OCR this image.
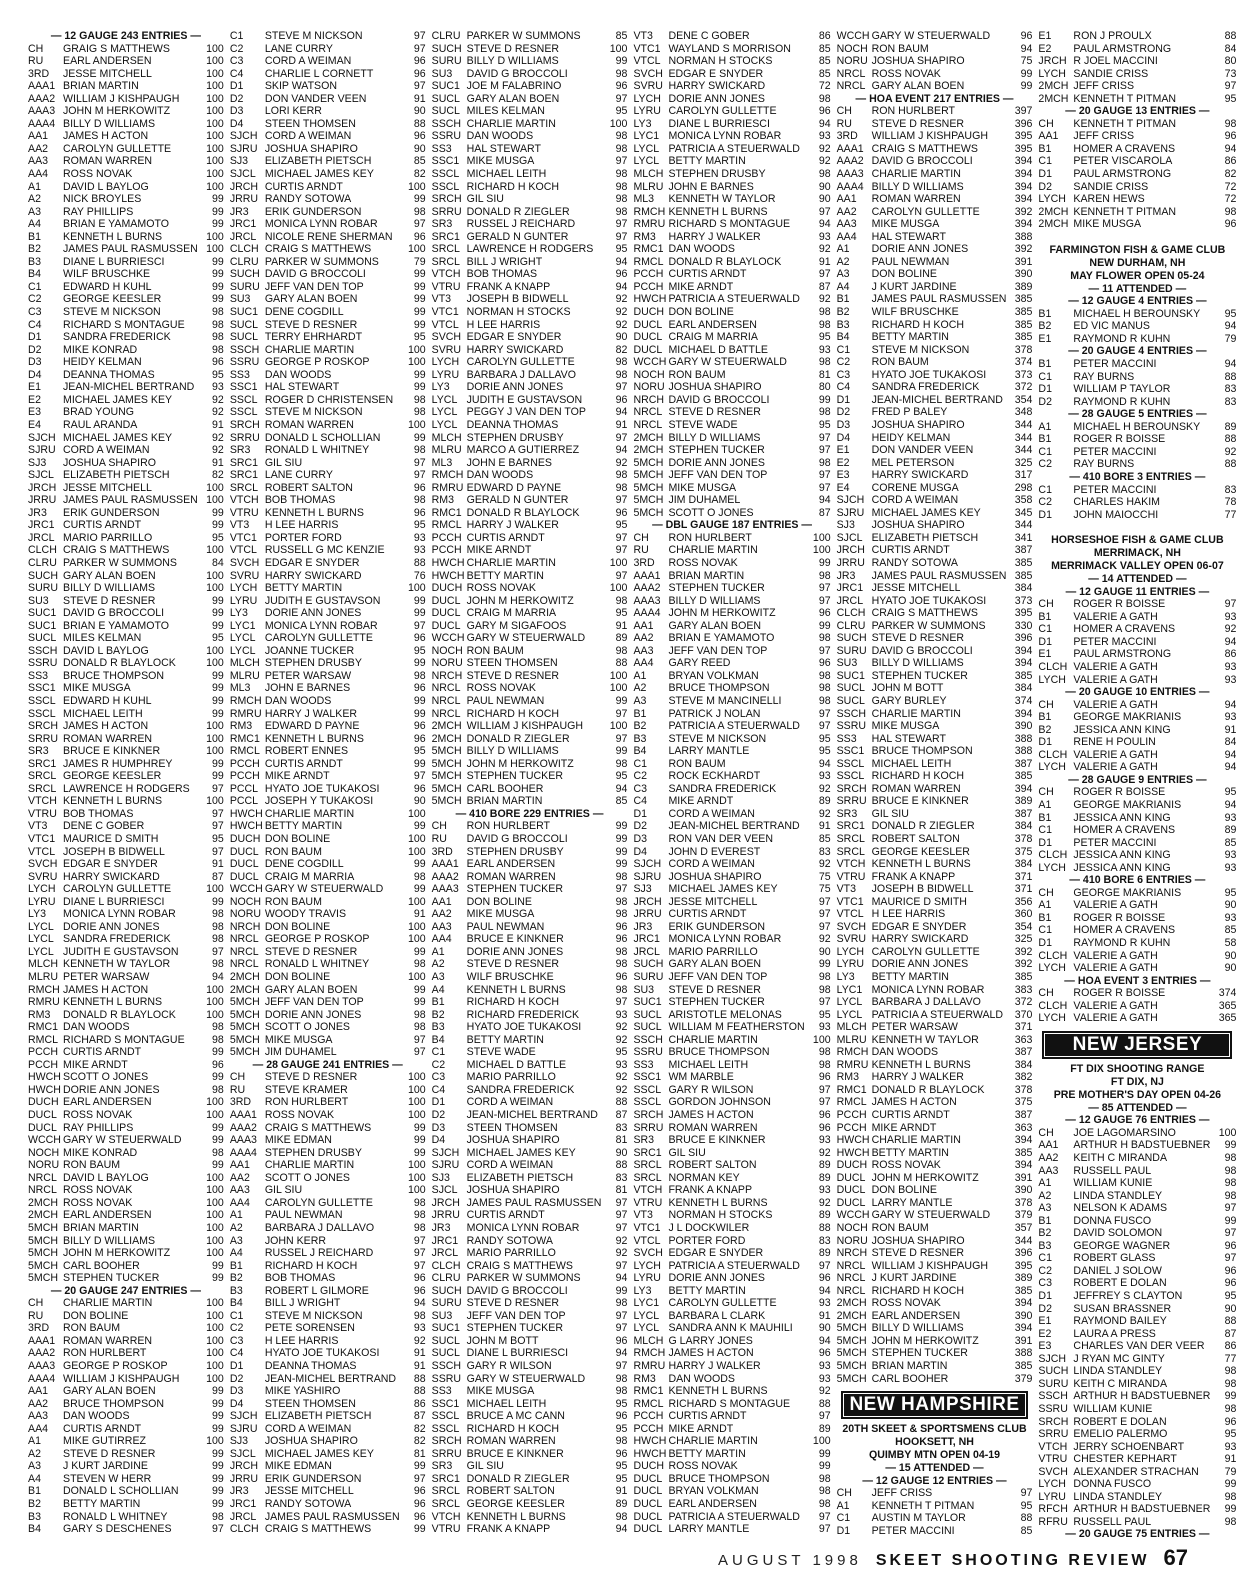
— 12 GAUGE 243 ENTRIES —
CH	GRAIG S MATTHEWS	100
RU	EARL ANDERSEN	100
3RD	JESSE MITCHELL	100
AAA1 BRIAN MARTIN	100
AAA2 WILLIAM J KISHPAUGH	100
AAA3 JOHN M HERKOWITZ	100
AAA4 BILLY D WILLIAMS	100
AA1	JAMES H ACTON	100
AA2	CAROLYN GULLETTE	100
AA3	ROMAN WARREN	100
AA4	ROSS NOVAK	100
A1	DAVID L BAYLOG	100
A2	NICK BROYLES	99
A3	RAY PHILLIPS	99
A4	BRIAN E YAMAMOTO	99
B1	KENNETH L BURNS	100
B2	JAMES PAUL RASMUSSEN 100
B3	DIANE L BURRIESCI	99
B4	WILF BRUSCHKE	99
C1	EDWARD H KUHL	99
C2	GEORGE KEESLER	99
C3	STEVE M NICKSON	98
C4	RICHARD S MONTAGUE	98
D1	SANDRA FREDERICK	98
D2	MIKE KONRAD	98
D3	HEIDY KELMAN	96
D4	DEANNA THOMAS	95
E1	JEAN-MICHEL BERTRAND	93
E2	MICHAEL JAMES KEY	92
E3	BRAD YOUNG	92
E4	RAUL ARANDA	91
SJCH MICHAEL JAMES KEY	92
SJRU CORD A WEIMAN	92
SJ3	JOSHUA SHAPIRO	91
SJCL ELIZABETH PIETSCH	82
JRCH JESSE MITCHELL	100
JRRU JAMES PAUL RASMUSSEN 100
JR3	ERIK GUNDERSON	99
JRC1 CURTIS ARNDT	99
JRCL MARIO PARRILLO	95
CLCH CRAIG S MATTHEWS	100
CLRU PARKER W SUMMONS	84
SUCH GARY ALAN BOEN	100
SURU BILLY D WILLIAMS	100
SU3	STEVE D RESNER	99
SUC1 DAVID G BROCCOLI	99
SUC1 BRIAN E YAMAMOTO	99
SUCL MILES KELMAN	95
SSCH DAVID L BAYLOG	100
SSRU DONALD R BLAYLOCK	100
SS3	BRUCE THOMPSON	99
SSC1 MIKE MUSGA	99
SSCL EDWARD H KUHL	99
SSCL MICHAEL LEITH	99
SRCH JAMES H ACTON	100
SRRU ROMAN WARREN	100
SR3	BRUCE E KINKNER	100
SRC1 JAMES R HUMPHREY	99
SRCL GEORGE KEESLER	99
SRCL LAWRENCE H RODGERS	97
VTCH KENNETH L BURNS	100
VTRU BOB THOMAS	97
VT3	DENE C GOBER	97
VTC1 MAURICE D SMITH	95
VTCL JOSEPH B BIDWELL	97
SVCH EDGAR E SNYDER	91
SVRU HARRY SWICKARD	87
LYCH CAROLYN GULLETTE	100
LYRU DIANE L BURRIESCI	99
LY3	MONICA LYNN ROBAR	98
LYCL DORIE ANN JONES	98
LYCL SANDRA FREDERICK	98
LYCL JUDITH E GUSTAVSON	97
MLCH KENNETH W TAYLOR	98
MLRU PETER WARSAW	94
RMCH JAMES H ACTON	100
RMRU KENNETH L BURNS	100
RM3	DONALD R BLAYLOCK	100
RMC1 DAN WOODS	98
RMCL RICHARD S MONTAGUE	98
PCCH CURTIS ARNDT	99
PCCH MIKE ARNDT	96
HWCH SCOTT O JONES	99
HWCH DORIE ANN JONES	98
DUCH EARL ANDERSEN	100
DUCL ROSS NOVAK	100
DUCL RAY PHILLIPS	99
WCCH GARY W STEUERWALD	99
NOCH MIKE KONRAD	98
NORU RON BAUM	99
NRCL DAVID L BAYLOG	100
NRCL ROSS NOVAK	100
2MCH ROSS NOVAK	100
2MCH EARL ANDERSEN	100
5MCH BRIAN MARTIN	100
5MCH BILLY D WILLIAMS	100
5MCH JOHN M HERKOWITZ	100
5MCH CARL BOOHER	99
5MCH STEPHEN TUCKER	99
— 20 GAUGE 247 ENTRIES —
CH	CHARLIE MARTIN	100
RU	DON BOLINE	100
3RD	RON BAUM	100
AAA1 ROMAN WARREN	100
AAA2 RON HURLBERT	100
AAA3 GEORGE P ROSKOP	100
AAA4 WILLIAM J KISHPAUGH	100
AA1	GARY ALAN BOEN	99
AA2	BRUCE THOMPSON	99
AA3	DAN WOODS	99
AA4	CURTIS ARNDT	99
A1	MIKE GUTIRREZ	100
A2	STEVE D RESNER	99
A3	J KURT JARDINE	99
A4	STEVEN W HERR	99
B1	DONALD L SCHOLLIAN	99
B2	BETTY MARTIN	99
B3	RONALD L WHITNEY	98
B4	GARY S DESCHENES	97
C1	STEVE M NICKSON	97
C2	LANE CURRY	97
C3	CORD A WEIMAN	96
C4	CHARLIE L CORNETT	96
D1	SKIP WATSON	97
D2	DON VANDER VEEN	91
D3	LORI KERR	90
D4	STEEN THOMSEN	88
SJCH CORD A WEIMAN	96
SJRU JOSHUA SHAPIRO	90
SJ3	ELIZABETH PIETSCH	85
SJCL MICHAEL JAMES KEY	82
JRCH CURTIS ARNDT	100
JRRU RANDY SOTOWA	99
JR3	ERIK GUNDERSON	98
JRC1 MONICA LYNN ROBAR	97
JRCL NICOLE RENE SHERMAN	96
CLCH CRAIG S MATTHEWS	100
CLRU PARKER W SUMMONS	79
SUCH DAVID G BROCCOLI	99
SURU JEFF VAN DEN TOP	99
SU3	GARY ALAN BOEN	99
SUC1 DENE COGDILL	99
SUCL STEVE D RESNER	99
SUCL TERRY EHRHARDT	95
SSCH CHARLIE MARTIN	100
SSRU GEORGE P ROSKOP	100
SS3	DAN WOODS	99
SSC1 HAL STEWART	99
SSCL ROGER D CHRISTENSEN	98
SSCL STEVE M NICKSON	98
SRCH ROMAN WARREN	100
SRRU DONALD L SCHOLLIAN	99
SR3	RONALD L WHITNEY	98
SRC1 GIL SIU	97
SRC1 LANE CURRY	97
SRCL ROBERT SALTON	96
VTCH BOB THOMAS	98
VTRU KENNETH L BURNS	96
VT3	H LEE HARRIS	95
VTC1 PORTER FORD	93
VTCL RUSSELL G MC KENZIE	93
SVCH EDGAR E SNYDER	88
SVRU HARRY SWICKARD	76
LYCH BETTY MARTIN	100
LYRU JUDITH E GUSTAVSON	99
LY3	DORIE ANN JONES	99
LYC1 MONICA LYNN ROBAR	97
LYCL CAROLYN GULLETTE	96
LYCL JOANNE TUCKER	95
MLCH STEPHEN DRUSBY	99
MLRU PETER WARSAW	98
ML3	JOHN E BARNES	96
RMCH DAN WOODS	99
RMRU HARRY J WALKER	99
RM3	EDWARD D PAYNE	96
RMC1 KENNETH L BURNS	96
RMCL ROBERT ENNES	95
PCCH CURTIS ARNDT	99
PCCH MIKE ARNDT	97
PCCL HYATO JOE TUKAKOSI	96
PCCL JOSEPH Y TUKAKOSI	90
HWCH CHARLIE MARTIN	100
HWCH BETTY MARTIN	99
DUCH DON BOLINE	100
DUCL RON BAUM	100
DUCL DENE COGDILL	99
DUCL CRAIG M MARRIA	98
WCCH GARY W STEUERWALD	99
NOCH RON BAUM	100
NORU WOODY TRAVIS	91
NRCH DON BOLINE	100
NRCL GEORGE P ROSKOP	100
NRCL STEVE D RESNER	99
NRCL RONALD L WHITNEY	98
2MCH DON BOLINE	100
2MCH GARY ALAN BOEN	99
5MCH JEFF VAN DEN TOP	99
5MCH DORIE ANN JONES	98
5MCH SCOTT O JONES	98
5MCH MIKE MUSGA	97
5MCH JIM DUHAMEL	97
— 28 GAUGE 241 ENTRIES —
CH	STEVE D RESNER	100
RU	STEVE KRAMER	100
3RD	RON HURLBERT	100
AAA1 ROSS NOVAK	100
AAA2 CRAIG S MATTHEWS	99
AAA3 MIKE EDMAN	99
AAA4 STEPHEN DRUSBY	99
AA1	CHARLIE MARTIN	100
AA2	SCOTT O JONES	100
AA3	GIL SIU	100
AA4	CAROLYN GULLETTE	98
A1	PAUL NEWMAN	98
A2	BARBARA J DALLAVO	98
A3	JOHN KERR	97
A4	RUSSEL J REICHARD	97
B1	RICHARD H KOCH	97
B2	BOB THOMAS	96
B3	ROBERT L GILMORE	96
B4	BILL J WRIGHT	94
C1	STEVE M NICKSON	98
C2	PETE SORENSEN	93
C3	H LEE HARRIS	92
C4	HYATO JOE TUKAKOSI	91
D1	DEANNA THOMAS	91
D2	JEAN-MICHEL BERTRAND	88
D3	MIKE YASHIRO	88
D4	STEEN THOMSEN	86
SJCH ELIZABETH PIETSCH	87
SJRU CORD A WEIMAN	82
SJ3	JOSHUA SHAPIRO	82
SJCL MICHAEL JAMES KEY	81
JRCH MIKE EDMAN	99
JRRU ERIK GUNDERSON	97
JR3	JESSE MITCHELL	96
JRC1 RANDY SOTOWA	96
JRCL JAMES PAUL RASMUSSEN	96
CLCH CRAIG S MATTHEWS	99
CLRU PARKER W SUMMONS	85
SUCH STEVE D RESNER	100
SURU BILLY D WILLIAMS	99
SU3	DAVID G BROCCOLI	98
SUC1 JOE M FALABRINO	96
SUCL GARY ALAN BOEN	97
SUCL MILES KELMAN	95
SSCH CHARLIE MARTIN	100
SSRU DAN WOODS	98
SS3	HAL STEWART	98
SSC1 MIKE MUSGA	97
SSCL MICHAEL LEITH	98
SSCL RICHARD H KOCH	98
SRCH GIL SIU	98
SRRU DONALD R ZIEGLER	98
SR3	RUSSEL J REICHARD	97
SRC1 GERALD N GUNTER	97
SRCL LAWRENCE H RODGERS	95
SRCL BILL J WRIGHT	94
VTCH BOB THOMAS	96
VTRU FRANK A KNAPP	94
VT3	JOSEPH B BIDWELL	92
VTC1 NORMAN H STOCKS	92
VTCL H LEE HARRIS	92
SVCH EDGAR E SNYDER	90
SVRU HARRY SWICKARD	82
LYCH CAROLYN GULLETTE	98
LYRU BARBARA J DALLAVO	98
LY3	DORIE ANN JONES	97
LYCL JUDITH E GUSTAVSON	96
LYCL PEGGY J VAN DEN TOP	94
LYCL DEANNA THOMAS	91
MLCH STEPHEN DRUSBY	97
MLRU MARCO A GUTIERREZ	94
ML3	JOHN E BARNES	92
RMCH DAN WOODS	98
RMRU EDWARD D PAYNE	98
RM3	GERALD N GUNTER	97
RMC1 DONALD R BLAYLOCK	96
RMCL HARRY J WALKER	95
PCCH CURTIS ARNDT	97
PCCH MIKE ARNDT	97
HWCH CHARLIE MARTIN	100
HWCH BETTY MARTIN	97
DUCH ROSS NOVAK	100
DUCL JOHN M HERKOWITZ	98
DUCL CRAIG M MARRIA	95
DUCL GARY M SIGAFOOS	91
WCCH GARY W STEUERWALD	89
NOCH RON BAUM	98
NORU STEEN THOMSEN	88
NRCH STEVE D RESNER	100
NRCL ROSS NOVAK	100
NRCL PAUL NEWMAN	99
NRCL RICHARD H KOCH	97
2MCH WILLIAM J KISHPAUGH	100
2MCH DONALD R ZIEGLER	97
5MCH BILLY D WILLIAMS	99
5MCH JOHN M HERKOWITZ	98
5MCH STEPHEN TUCKER	95
5MCH CARL BOOHER	94
5MCH BRIAN MARTIN	85
— 410 BORE 229 ENTRIES —
CH	RON HURLBERT	99
RU	DAVID G BROCCOLI	99
3RD	STEPHEN DRUSBY	99
AAA1 EARL ANDERSEN	99
AAA2 ROMAN WARREN	98
AAA3 STEPHEN TUCKER	97
AA1	DON BOLINE	98
AA2	MIKE MUSGA	98
AA3	PAUL NEWMAN	96
AA4	BRUCE E KINKNER	96
A1	DORIE ANN JONES	98
A2	STEVE D RESNER	98
A3	WILF BRUSCHKE	96
A4	KENNETH L BURNS	98
B1	RICHARD H KOCH	97
B2	RICHARD FREDERICK	93
B3	HYATO JOE TUKAKOSI	92
B4	BETTY MARTIN	92
C1	STEVE WADE	95
C2	MICHAEL D BATTLE	93
C3	MARIO PARRILLO	92
C4	SANDRA FREDERICK	92
D1	CORD A WEIMAN	88
D2	JEAN-MICHEL BERTRAND	87
D3	STEEN THOMSEN	83
D4	JOSHUA SHAPIRO	81
SJCH MICHAEL JAMES KEY	90
SJRU CORD A WEIMAN	88
SJ3	ELIZABETH PIETSCH	83
SJCL JOSHUA SHAPIRO	81
JRCH JAMES PAUL RASMUSSEN	97
JRRU CURTIS ARNDT	97
JR3	MONICA LYNN ROBAR	97
JRC1 RANDY SOTOWA	92
JRCL MARIO PARRILLO	92
CLCH CRAIG S MATTHEWS	97
CLRU PARKER W SUMMONS	94
SUCH DAVID G BROCCOLI	99
SURU STEVE D RESNER	98
SU3	JEFF VAN DEN TOP	97
SUC1 STEPHEN TUCKER	97
SUCL JOHN M BOTT	96
SUCL DIANE L BURRIESCI	94
SSCH GARY R WILSON	97
SSRU GARY W STEUERWALD	98
SS3	MIKE MUSGA	98
SSC1 MICHAEL LEITH	95
SSCL BRUCE A MC CANN	96
SSCL RICHARD H KOCH	95
SRCH ROMAN WARREN	98
SRRU BRUCE E KINKNER	96
SR3	GIL SIU	95
SRC1 DONALD R ZIEGLER	95
SRCL ROBERT SALTON	91
SRCL GEORGE KEESLER	89
VTCH KENNETH L BURNS	98
VTRU FRANK A KNAPP	94
VT3	DENE C GOBER	86
VTC1 WAYLAND S MORRISON	85
VTCL NORMAN H STOCKS	85
SVCH EDGAR E SNYDER	85
SVRU HARRY SWICKARD	72
LYCH DORIE ANN JONES	98
LYRU CAROLYN GULLETTE	96
LY3	DIANE L BURRIESCI	94
LYC1 MONICA LYNN ROBAR	93
LYCL PATRICIA A STEUERWALD	92
LYCL BETTY MARTIN	92
MLCH STEPHEN DRUSBY	98
MLRU JOHN E BARNES	90
ML3	KENNETH W TAYLOR	90
RMCH KENNETH L BURNS	97
RMRU RICHARD S MONTAGUE	94
RM3	HARRY J WALKER	93
RMC1 DAN WOODS	92
RMCL DONALD R BLAYLOCK	91
PCCH CURTIS ARNDT	97
PCCH MIKE ARNDT	87
HWCH PATRICIA A STEUERWALD	92
DUCH DON BOLINE	98
DUCL EARL ANDERSEN	98
DUCL CRAIG M MARRIA	95
DUCL MICHAEL D BATTLE	93
WCCH GARY W STEUERWALD	98
NOCH RON BAUM	81
NORU JOSHUA SHAPIRO	80
NRCH DAVID G BROCCOLI	99
NRCL STEVE D RESNER	98
NRCL STEVE WADE	95
2MCH BILLY D WILLIAMS	97
2MCH STEPHEN TUCKER	97
5MCH DORIE ANN JONES	98
5MCH JEFF VAN DEN TOP	97
5MCH MIKE MUSGA	97
5MCH JIM DUHAMEL	94
5MCH SCOTT O JONES	87
— DBL GAUGE 187 ENTRIES —
CH	RON HURLBERT	100
RU	CHARLIE MARTIN	100
3RD	ROSS NOVAK	99
AAA1 BRIAN MARTIN	98
AAA2 STEPHEN TUCKER	97
AAA3 BILLY D WILLIAMS	97
AAA4 JOHN M HERKOWITZ	96
AA1	GARY ALAN BOEN	99
AA2	BRIAN E YAMAMOTO	98
AA3	JEFF VAN DEN TOP	97
AA4	GARY REED	96
A1	BRYAN VOLKMAN	98
A2	BRUCE THOMPSON	98
A3	STEVE M MANCINELLI	98
B1	PATRICK J NOLAN	97
B2	PATRICIA A STEUERWALD	97
B3	STEVE M NICKSON	95
B4	LARRY MANTLE	95
C1	RON BAUM	94
C2	ROCK ECKHARDT	93
C3	SANDRA FREDERICK	92
C4	MIKE ARNDT	89
D1	CORD A WEIMAN	92
D2	JEAN-MICHEL BERTRAND	91
D3	RON VAN DER VEEN	85
D4	JOHN D EVEREST	83
SJCH CORD A WEIMAN	92
SJRU JOSHUA SHAPIRO	75
SJ3	MICHAEL JAMES KEY	75
JRCH JESSE MITCHELL	97
JRRU CURTIS ARNDT	97
JR3	ERIK GUNDERSON	97
JRC1 MONICA LYNN ROBAR	92
JRCL MARIO PARRILLO	90
SUCH GARY ALAN BOEN	99
SURU JEFF VAN DEN TOP	98
SU3	STEVE D RESNER	98
SUC1 STEPHEN TUCKER	97
SUCL ARISTOTLE MELONAS	95
SUCL WILLIAM M FEATHERSTON	93
SSCH CHARLIE MARTIN	100
SSRU BRUCE THOMPSON	98
SS3	MICHAEL LEITH	98
SSC1 WM MARBLE	96
SSCL GARY R WILSON	97
SSCL GORDON JOHNSON	97
SRCH JAMES H ACTON	96
SRRU ROMAN WARREN	96
SR3	BRUCE E KINKNER	93
SRC1 GIL SIU	92
SRCL ROBERT SALTON	89
SRCL NORMAN KEY	89
VTCH FRANK A KNAPP	93
VTRU KENNETH L BURNS	92
VT3	NORMAN H STOCKS	89
VTC1 J L DOCKWILER	88
VTCL PORTER FORD	83
SVCH EDGAR E SNYDER	89
LYCH PATRICIA A STEUERWALD	97
LYRU DORIE ANN JONES	96
LY3	BETTY MARTIN	94
LYC1 CAROLYN GULLETTE	93
LYCL BARBARA L CLARK	91
LYCL SANDRA ANN K MAUHILI	90
MLCH G LARRY JONES	94
RMCH JAMES H ACTON	96
RMRU HARRY J WALKER	93
RM3	DAN WOODS	93
RMC1 KENNETH L BURNS	92
RMCL RICHARD S MONTAGUE	88
PCCH CURTIS ARNDT	97
PCCH MIKE ARNDT	89
HWCH CHARLIE MARTIN	100
HWCH BETTY MARTIN	99
DUCH ROSS NOVAK	99
DUCL BRUCE THOMPSON	98
DUCL BRYAN VOLKMAN	98
DUCL EARL ANDERSEN	98
DUCL PATRICIA A STEUERWALD	97
DUCL LARRY MANTLE	97
WCCH GARY W STEUERWALD	96
NOCH RON BAUM	94
NORU JOSHUA SHAPIRO	75
NRCL ROSS NOVAK	99
NRCL GARY ALAN BOEN	99
— HOA EVENT 217 ENTRIES —
CH	RON HURLBERT	397
RU	STEVE D RESNER	396
3RD	WILLIAM J KISHPAUGH	395
AAA1 CRAIG S MATTHEWS	395
AAA2 DAVID G BROCCOLI	394
AAA3 CHARLIE MARTIN	394
AAA4 BILLY D WILLIAMS	394
AA1	ROMAN WARREN	394
AA2	CAROLYN GULLETTE	392
AA3	MIKE MUSGA	394
AA4	HAL STEWART	388
A1	DORIE ANN JONES	392
A2	PAUL NEWMAN	391
A3	DON BOLINE	390
A4	J KURT JARDINE	389
B1	JAMES PAUL RASMUSSEN 385
B2	WILF BRUSCHKE	385
B3	RICHARD H KOCH	385
B4	BETTY MARTIN	385
C1	STEVE M NICKSON	378
C2	RON BAUM	374
C3	HYATO JOE TUKAKOSI	373
C4	SANDRA FREDERICK	372
D1	JEAN-MICHEL BERTRAND	354
D2	FRED P BALEY	348
D3	JOSHUA SHAPIRO	344
D4	HEIDY KELMAN	344
E1	DON VANDER VEEN	344
E2	MEL PETERSON	325
E3	HARRY SWICKARD	317
E4	CORENE MUSGA	298
SJCH CORD A WEIMAN	358
SJRU MICHAEL JAMES KEY	345
SJ3	JOSHUA SHAPIRO	344
SJCL ELIZABETH PIETSCH	341
JRCH CURTIS ARNDT	387
JRRU RANDY SOTOWA	385
JR3	JAMES PAUL RASMUSSEN 385
JRC1 JESSE MITCHELL	384
JRCL HYATO JOE TUKAKOSI	373
CLCH CRAIG S MATTHEWS	395
CLRU PARKER W SUMMONS	330
SUCH STEVE D RESNER	396
SURU DAVID G BROCCOLI	394
SU3	BILLY D WILLIAMS	394
SUC1 STEPHEN TUCKER	385
SUCL JOHN M BOTT	384
SUCL GARY BURLEY	374
SSCH CHARLIE MARTIN	394
SSRU MIKE MUSGA	390
SS3	HAL STEWART	388
SSC1 BRUCE THOMPSON	388
SSCL MICHAEL LEITH	387
SSCL RICHARD H KOCH	385
SRCH ROMAN WARREN	394
SRRU BRUCE E KINKNER	389
SR3	GIL SIU	387
SRC1 DONALD R ZIEGLER	384
SRCL ROBERT SALTON	378
SRCL GEORGE KEESLER	375
VTCH KENNETH L BURNS	384
VTRU FRANK A KNAPP	371
VT3	JOSEPH B BIDWELL	371
VTC1 MAURICE D SMITH	356
VTCL H LEE HARRIS	360
SVCH EDGAR E SNYDER	354
SVRU HARRY SWICKARD	325
LYCH CAROLYN GULLETTE	392
LYRU DORIE ANN JONES	392
LY3	BETTY MARTIN	385
LYC1 MONICA LYNN ROBAR	383
LYCL BARBARA J DALLAVO	372
LYCL PATRICIA A STEUERWALD	370
MLCH PETER WARSAW	371
MLRU KENNETH W TAYLOR	363
RMCH DAN WOODS	387
RMRU KENNETH L BURNS	384
RM3	HARRY J WALKER	382
RMC1 DONALD R BLAYLOCK	378
RMCL JAMES H ACTON	375
PCCH CURTIS ARNDT	387
PCCH MIKE ARNDT	363
HWCH CHARLIE MARTIN	394
HWCH BETTY MARTIN	385
DUCH ROSS NOVAK	394
DUCL JOHN M HERKOWITZ	391
DUCL DON BOLINE	390
DUCL LARRY MANTLE	378
WCCH GARY W STEUERWALD	379
NOCH RON BAUM	357
NORU JOSHUA SHAPIRO	344
NRCH STEVE D RESNER	396
NRCL WILLIAM J KISHPAUGH	395
NRCL J KURT JARDINE	389
NRCL RICHARD H KOCH	385
2MCH ROSS NOVAK	394
2MCH EARL ANDERSEN	390
5MCH BILLY D WILLIAMS	394
5MCH JOHN M HERKOWITZ	391
5MCH STEPHEN TUCKER	388
5MCH BRIAN MARTIN	385
5MCH CARL BOOHER	379
NEW HAMPSHIRE
20TH SKEET & SPORTSMENS CLUB
HOOKSETT, NH
QUIMBY MTN OPEN 04-19
— 15 ATTENDED —
— 12 GAUGE 12 ENTRIES —
CH	JEFF CRISS	97
A1	KENNETH T PITMAN	95
C1	AUSTIN M TAYLOR	88
D1	PETER MACCINI	85
E1	RON J PROULX	88
E2	PAUL ARMSTRONG	84
JRCH R JOEL MACCINI	80
LYCH SANDIE CRISS	73
2MCH JEFF CRISS	97
2MCH KENNETH T PITMAN	95
— 20 GAUGE 13 ENTRIES —
CH	KENNETH T PITMAN	98
AA1	JEFF CRISS	96
B1	HOMER A CRAVENS	94
C1	PETER VISCAROLA	86
D1	PAUL ARMSTRONG	82
D2	SANDIE CRISS	72
LYCH KAREN HEWS	72
2MCH KENNETH T PITMAN	98
2MCH MIKE MUSGA	96
FARMINGTON FISH & GAME CLUB
NEW DURHAM, NH
MAY FLOWER OPEN 05-24
— 11 ATTENDED —
— 12 GAUGE 4 ENTRIES —
B1	MICHAEL H BEROUNSKY	95
B2	ED VIC MANUS	94
E1	RAYMOND R KUHN	79
— 20 GAUGE 4 ENTRIES —
B1	PETER MACCINI	94
C1	RAY BURNS	88
D1	WILLIAM P TAYLOR	83
D2	RAYMOND R KUHN	83
— 28 GAUGE 5 ENTRIES —
A1	MICHAEL H BEROUNSKY	89
B1	ROGER R BOISSE	88
C1	PETER MACCINI	92
C2	RAY BURNS	88
— 410 BORE 3 ENTRIES —
C1	PETER MACCINI	83
C2	CHARLES HAKIM	78
D1	JOHN MAIOCCHI	77
HORSESHOE FISH & GAME CLUB
MERRIMACK, NH
MERRIMACK VALLEY OPEN 06-07
— 14 ATTENDED —
— 12 GAUGE 11 ENTRIES —
CH	ROGER R BOISSE	97
B1	VALERIE A GATH	93
C1	HOMER A CRAVENS	92
D1	PETER MACCINI	94
E1	PAUL ARMSTRONG	86
CLCH VALERIE A GATH	93
LYCH VALERIE A GATH	93
— 20 GAUGE 10 ENTRIES —
CH	VALERIE A GATH	94
B1	GEORGE MAKRIANIS	93
B2	JESSICA ANN KING	91
D1	RENE H POULIN	84
CLCH VALERIE A GATH	94
LYCH VALERIE A GATH	94
— 28 GAUGE 9 ENTRIES —
CH	ROGER R BOISSE	95
A1	GEORGE MAKRIANIS	94
B1	JESSICA ANN KING	93
C1	HOMER A CRAVENS	89
D1	PETER MACCINI	85
CLCH JESSICA ANN KING	93
LYCH JESSICA ANN KING	93
— 410 BORE 6 ENTRIES —
CH	GEORGE MAKRIANIS	95
A1	VALERIE A GATH	90
B1	ROGER R BOISSE	93
C1	HOMER A CRAVENS	85
D1	RAYMOND R KUHN	58
CLCH VALERIE A GATH	90
LYCH VALERIE A GATH	90
— HOA EVENT 3 ENTRIES —
CH	ROGER R BOISSE	374
CLCH VALERIE A GATH	365
LYCH VALERIE A GATH	365
NEW JERSEY
FT DIX SHOOTING RANGE
FT DIX, NJ
PRE MOTHER'S DAY OPEN 04-26
— 85 ATTENDED —
— 12 GAUGE 76 ENTRIES —
CH	JOE LAGOMARSINO	100
AA1	ARTHUR H BADSTUEBNER	99
AA2	KEITH C MIRANDA	98
AA3	RUSSELL PAUL	98
A1	WILLIAM KUNIE	98
A2	LINDA STANDLEY	98
A3	NELSON K ADAMS	97
B1	DONNA FUSCO	99
B2	DAVID SOLOMON	97
B3	GEORGE WAGNER	96
C1	ROBERT GLASS	97
C2	DANIEL J SOLOW	96
C3	ROBERT E DOLAN	96
D1	JEFFREY S CLAYTON	95
D2	SUSAN BRASSNER	90
E1	RAYMOND BAILEY	88
E2	LAURA A PRESS	87
E3	CHARLES VAN DER VEER	86
SJCH J RYAN MC GINTY	77
SUCH LINDA STANDLEY	98
SURU KEITH C MIRANDA	98
SSCH ARTHUR H BADSTUEBNER	99
SSRU WILLIAM KUNIE	98
SRCH ROBERT E DOLAN	96
SRRU EMELIO PALERMO	95
VTCH JERRY SCHOENBART	93
VTRU CHESTER KEPHART	91
SVCH ALEXANDER STRACHAN	79
LYCH DONNA FUSCO	99
LYRU LINDA STANDLEY	98
RFCH ARTHUR H BADSTUEBNER	99
RFRU RUSSELL PAUL	98
— 20 GAUGE 75 ENTRIES —
AUGUST 1998 SKEET SHOOTING REVIEW 67
